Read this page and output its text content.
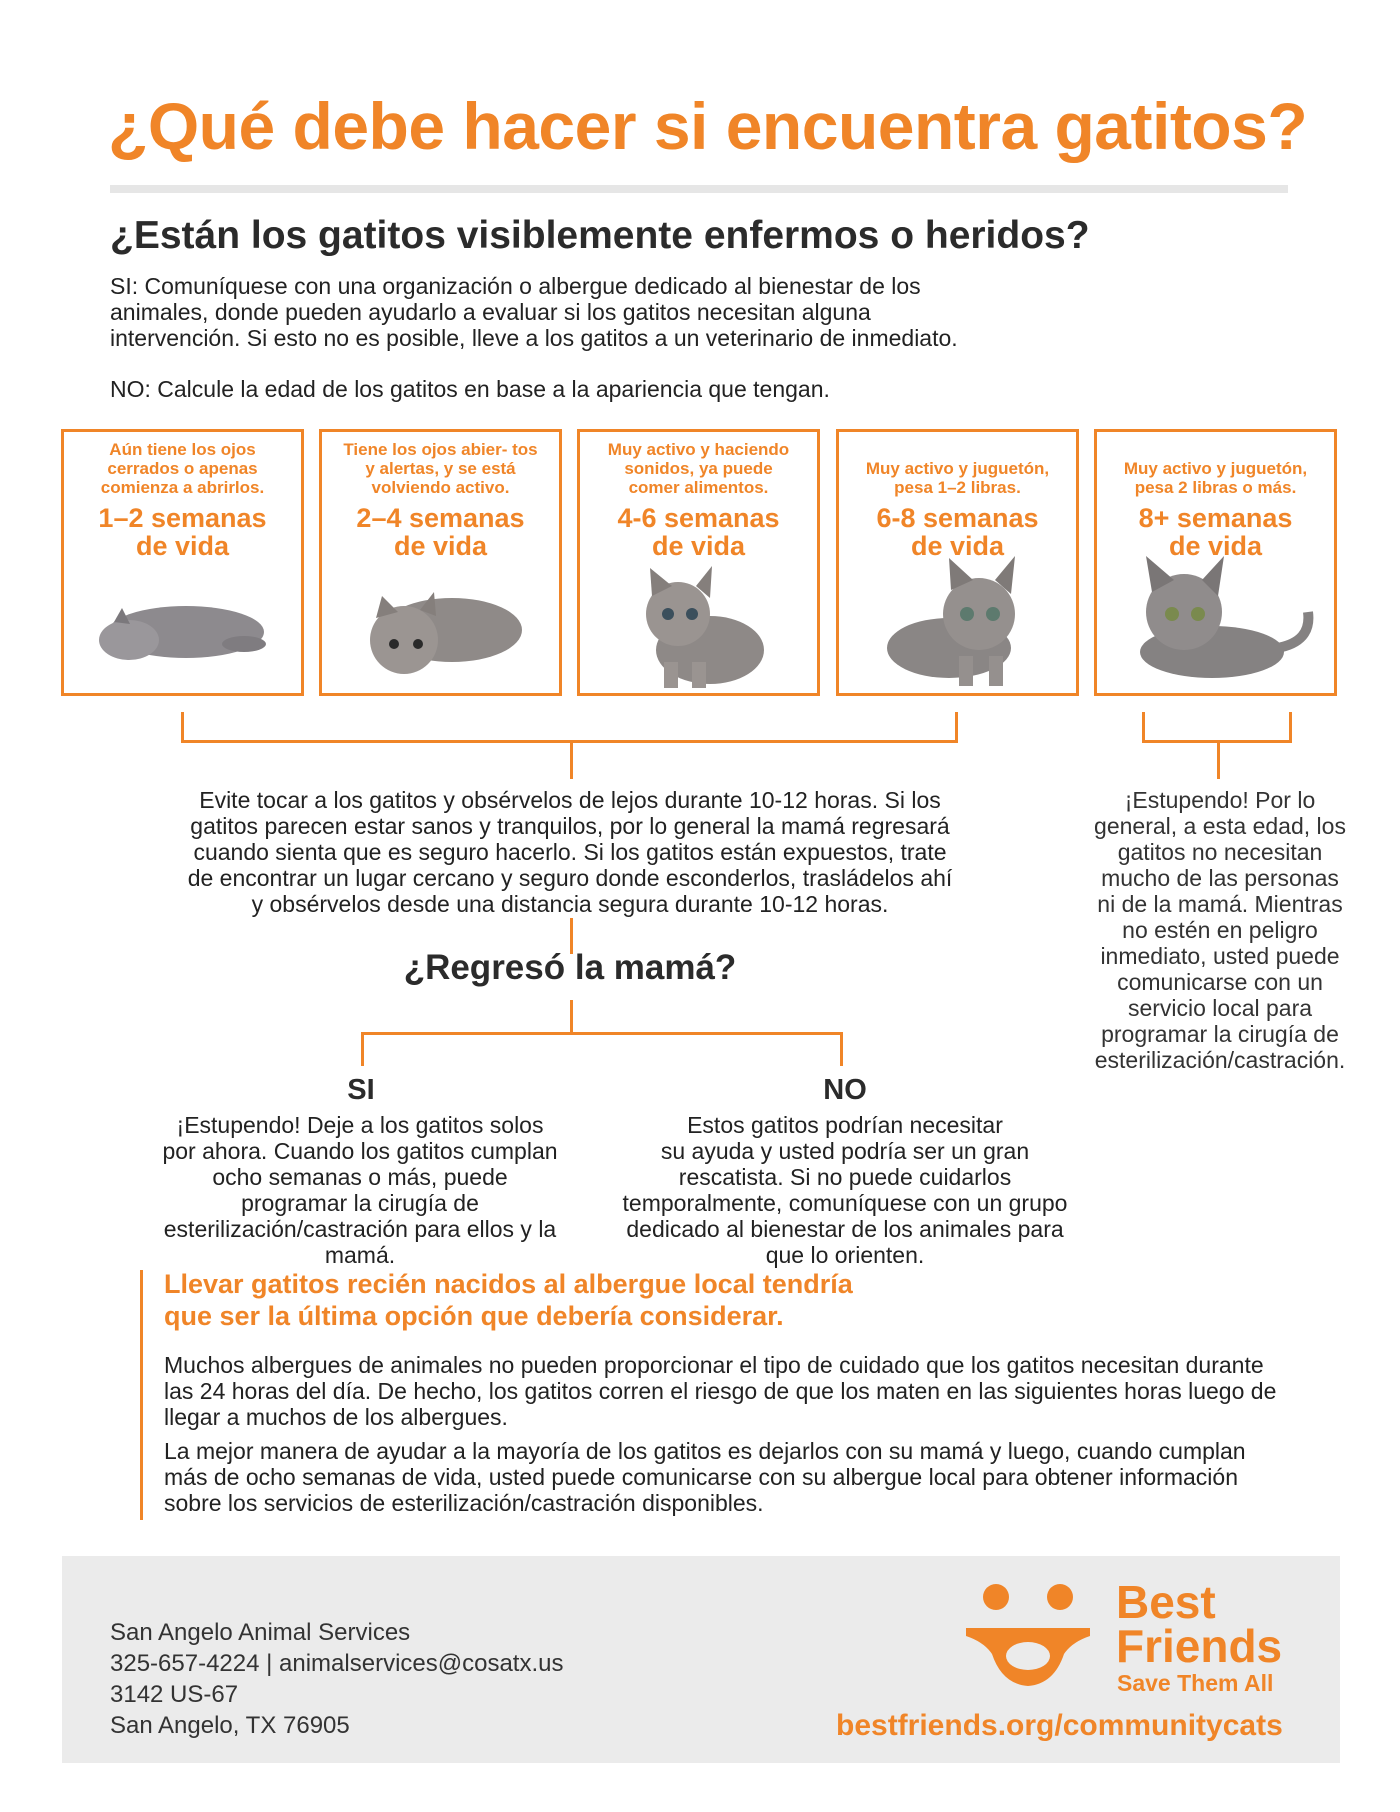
¿Qué debe hacer si encuentra gatitos?
¿Están los gatitos visiblemente enfermos o heridos?
SI: Comuníquese con una organización o albergue dedicado al bienestar de los
animales, donde pueden ayudarlo a evaluar si los gatitos necesitan alguna
intervención. Si esto no es posible, lleve a los gatitos a un veterinario de inmediato.
NO: Calcule la edad de los gatitos en base a la apariencia que tengan.
Aún tiene los ojos
cerrados o apenas
comienza a abrirlos.
1–2 semanas
de vida
Tiene los ojos abier- tos
y alertas, y se está
volviendo activo.
2–4 semanas
de vida
Muy activo y haciendo
sonidos, ya puede
comer alimentos.
4-6 semanas
de vida
Muy activo y juguetón,
pesa 1–2 libras.
6-8 semanas
de vida
Muy activo y juguetón,
pesa 2 libras o más.
8+ semanas
de vida
Evite tocar a los gatitos y obsérvelos de lejos durante 10-12 horas. Si los
gatitos parecen estar sanos y tranquilos, por lo general la mamá regresará
cuando sienta que es seguro hacerlo. Si los gatitos están expuestos, trate
de encontrar un lugar cercano y seguro donde esconderlos, trasládelos ahí
y obsérvelos desde una distancia segura durante 10-12 horas.
¡Estupendo! Por lo
general, a esta edad, los
gatitos no necesitan
mucho de las personas
ni de la mamá. Mientras
no estén en peligro
inmediato, usted puede
comunicarse con un
servicio local para
programar la cirugía de
esterilización/castración.
¿Regresó la mamá?
SI
¡Estupendo! Deje a los gatitos solos
por ahora. Cuando los gatitos cumplan
ocho semanas o más, puede
programar la cirugía de
esterilización/castración para ellos y la
mamá.
NO
Estos gatitos podrían necesitar
su ayuda y usted podría ser un gran
rescatista. Si no puede cuidarlos
temporalmente, comuníquese con un grupo
dedicado al bienestar de los animales para
que lo orienten.
Llevar gatitos recién nacidos al albergue local tendría
que ser la última opción que debería considerar.
Muchos albergues de animales no pueden proporcionar el tipo de cuidado que los gatitos necesitan durante
las 24 horas del día. De hecho, los gatitos corren el riesgo de que los maten en las siguientes horas luego de
llegar a muchos de los albergues.
La mejor manera de ayudar a la mayoría de los gatitos es dejarlos con su mamá y luego, cuando cumplan
más de ocho semanas de vida, usted puede comunicarse con su albergue local para obtener información
sobre los servicios de esterilización/castración disponibles.
San Angelo Animal Services
325-657-4224 | animalservices@cosatx.us
3142 US-67
San Angelo, TX 76905
Best
Friends
Save Them All
bestfriends.org/communitycats
